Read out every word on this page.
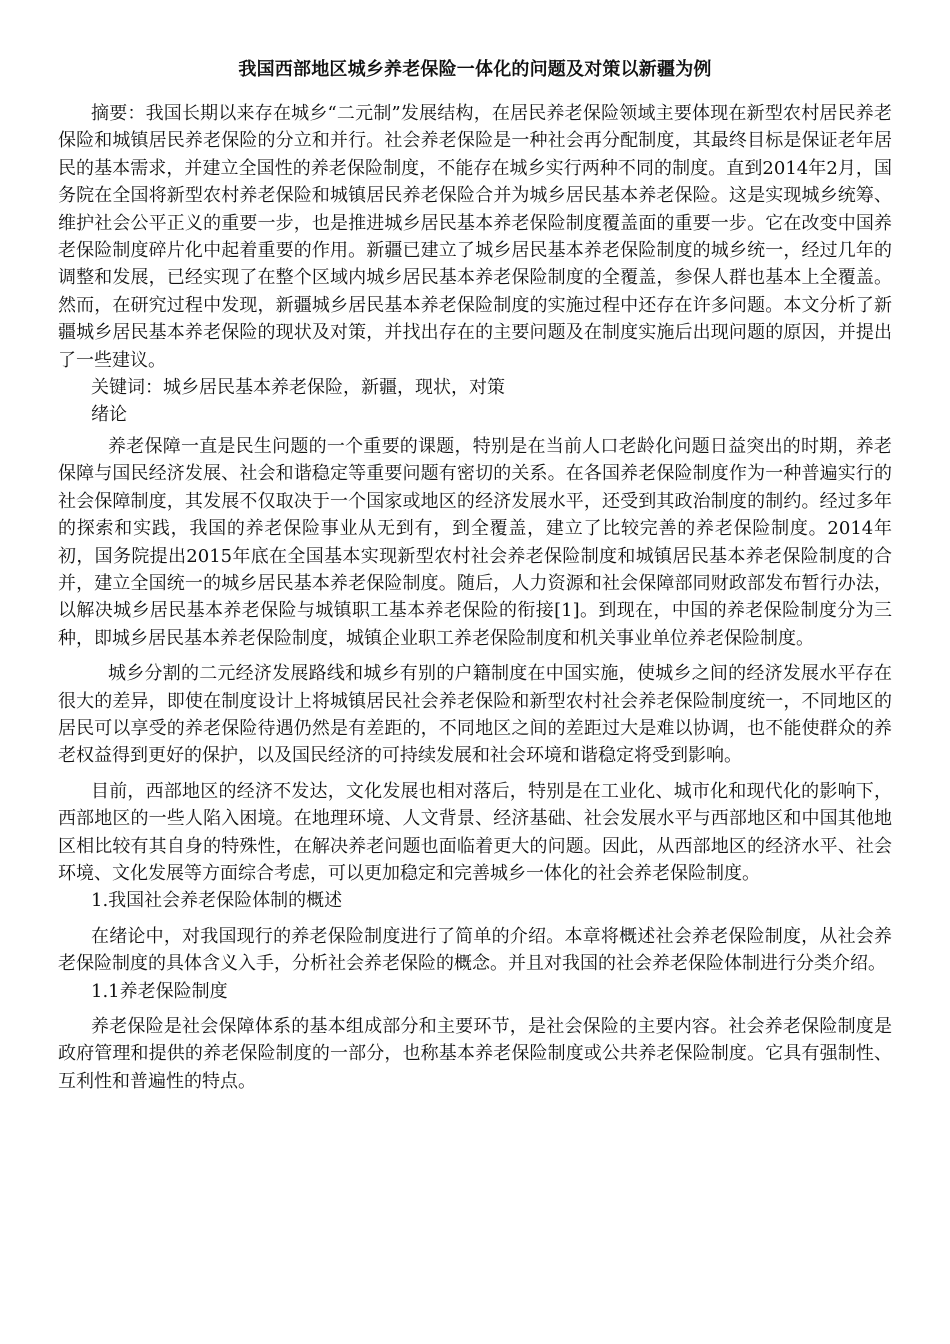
我国西部地区城乡养老保险一体化的问题及对策以新疆为例

摘要：我国长期以来存在城乡“二元制”发展结构，在居民养老保险领域主要体现在新型农村居民养老保险和城镇居民养老保险的分立和并行。社会养老保险是一种社会再分配制度，其最终目标是保证老年居民的基本需求，并建立全国性的养老保险制度，不能存在城乡实行两种不同的制度。直到2014年2月，国务院在全国将新型农村养老保险和城镇居民养老保险合并为城乡居民基本养老保险。这是实现城乡统筹、维护社会公平正义的重要一步，也是推进城乡居民基本养老保险制度覆盖面的重要一步。它在改变中国养老保险制度碎片化中起着重要的作用。新疆已建立了城乡居民基本养老保险制度的城乡统一，经过几年的调整和发展，已经实现了在整个区域内城乡居民基本养老保险制度的全覆盖，参保人群也基本上全覆盖。然而，在研究过程中发现，新疆城乡居民基本养老保险制度的实施过程中还存在许多问题。本文分析了新疆城乡居民基本养老保险的现状及对策，并找出存在的主要问题及在制度实施后出现问题的原因，并提出了一些建议。

关键词：城乡居民基本养老保险，新疆，现状，对策

绪论

养老保障一直是民生问题的一个重要的课题，特别是在当前人口老龄化问题日益突出的时期，养老保障与国民经济发展、社会和谐稳定等重要问题有密切的关系。在各国养老保险制度作为一种普遍实行的社会保障制度，其发展不仅取决于一个国家或地区的经济发展水平，还受到其政治制度的制约。经过多年的探索和实践，我国的养老保险事业从无到有，到全覆盖，建立了比较完善的养老保险制度。2014年初，国务院提出2015年底在全国基本实现新型农村社会养老保险制度和城镇居民基本养老保险制度的合并，建立全国统一的城乡居民基本养老保险制度。随后，人力资源和社会保障部同财政部发布暂行办法，以解决城乡居民基本养老保险与城镇职工基本养老保险的衔接[1]。到现在，中国的养老保险制度分为三种，即城乡居民基本养老保险制度，城镇企业职工养老保险制度和机关事业单位养老保险制度。

城乡分割的二元经济发展路线和城乡有别的户籍制度在中国实施，使城乡之间的经济发展水平存在很大的差异，即使在制度设计上将城镇居民社会养老保险和新型农村社会养老保险制度统一，不同地区的居民可以享受的养老保险待遇仍然是有差距的，不同地区之间的差距过大是难以协调，也不能使群众的养老权益得到更好的保护，以及国民经济的可持续发展和社会环境和谐稳定将受到影响。

目前，西部地区的经济不发达，文化发展也相对落后，特别是在工业化、城市化和现代化的影响下，西部地区的一些人陷入困境。在地理环境、人文背景、经济基础、社会发展水平与西部地区和中国其他地区相比较有其自身的特殊性，在解决养老问题也面临着更大的问题。因此，从西部地区的经济水平、社会环境、文化发展等方面综合考虑，可以更加稳定和完善城乡一体化的社会养老保险制度。

1.我国社会养老保险体制的概述

在绪论中，对我国现行的养老保险制度进行了简单的介绍。本章将概述社会养老保险制度，从社会养老保险制度的具体含义入手，分析社会养老保险的概念。并且对我国的社会养老保险体制进行分类介绍。

1.1养老保险制度

养老保险是社会保障体系的基本组成部分和主要环节，是社会保险的主要内容。社会养老保险制度是政府管理和提供的养老保险制度的一部分，也称基本养老保险制度或公共养老保险制度。它具有强制性、互利性和普遍性的特点。
